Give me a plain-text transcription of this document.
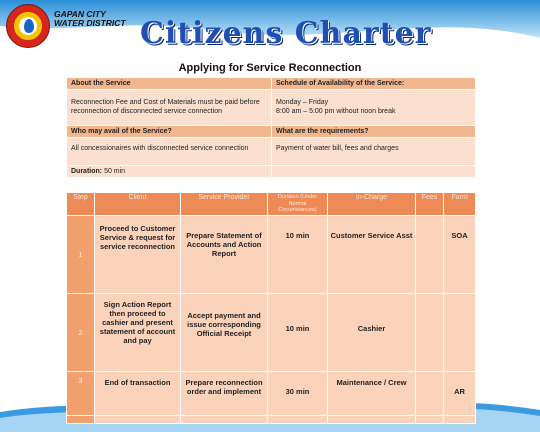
GAPAN CITY
WATER DISTRICT Citizens Charter
Applying for Service Reconnection
About the Service	Schedule of Availability of the Service:

Reconnection Fee and Cost of Materials must be paid before reconnection of disconnected service connection	Monday – Friday
8:00 am – 5:00 pm without noon break

Who may avail of the Service?	What are the requirements?

All concessionaires with disconnected service connection	Payment of water bill, fees and charges

Duration: 50 min	
Step	Client	Service Provider	Duration (Under Normal Circumstances)	In-Charge	Fees	Form
1	Proceed to Customer Service & request for service reconnection	Prepare Statement of Accounts and Action Report	10 min	Customer Service Asst		SOA
2	Sign Action Report then proceed to cashier and present statement of account and pay	Accept payment and issue corresponding Official Receipt	10 min	Cashier		
3	End of transaction	Prepare reconnection order and implement	30 min	Maintenance / Crew		AR
